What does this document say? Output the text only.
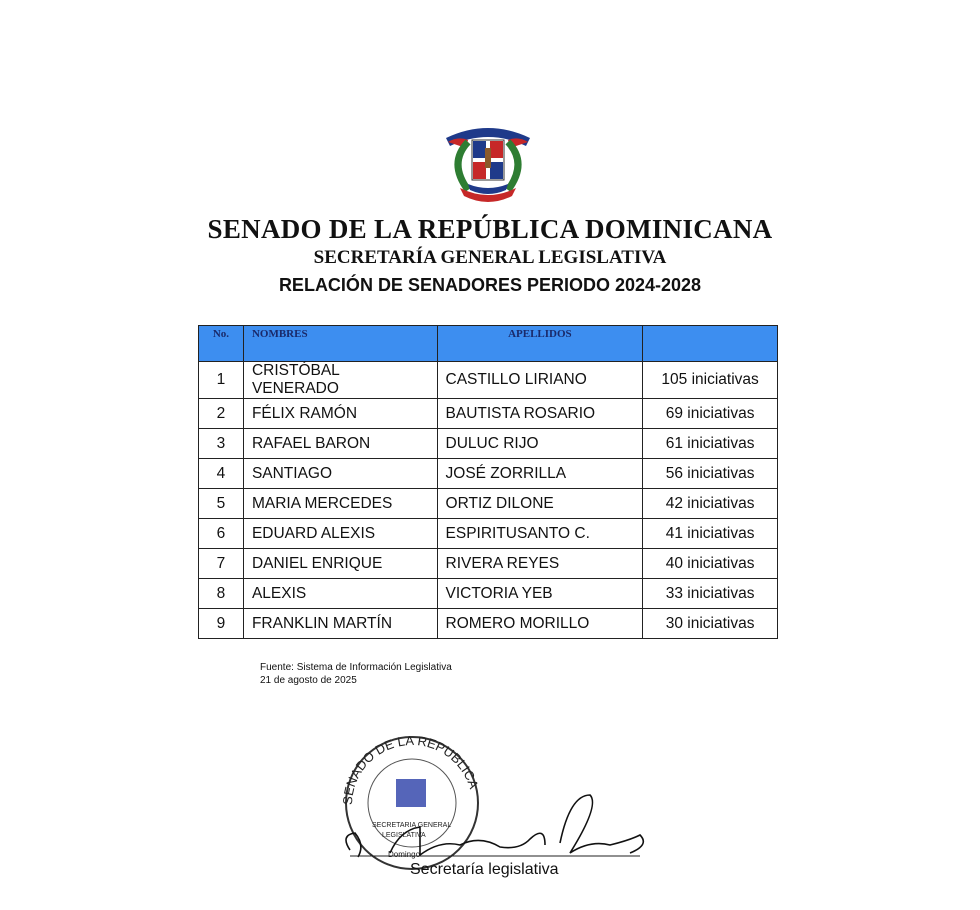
SENADO DE LA REPÚBLICA DOMINICANA
SECRETARÍA GENERAL LEGISLATIVA
RELACIÓN DE SENADORES PERIODO 2024-2028
No.	NOMBRES	APELLIDOS	
1	CRISTÓBAL VENERADO	CASTILLO LIRIANO	105 iniciativas
2	FÉLIX RAMÓN	BAUTISTA ROSARIO	69 iniciativas
3	RAFAEL BARON	DULUC RIJO	61 iniciativas
4	SANTIAGO	JOSÉ ZORRILLA	56 iniciativas
5	MARIA MERCEDES	ORTIZ DILONE	42 iniciativas
6	EDUARD ALEXIS	ESPIRITUSANTO C.	41 iniciativas
7	DANIEL ENRIQUE	RIVERA REYES	40 iniciativas
8	ALEXIS	VICTORIA YEB	33 iniciativas
9	FRANKLIN MARTÍN	ROMERO MORILLO	30 iniciativas
Fuente: Sistema de Información Legislativa
21 de agosto de 2025
SENADO DE LA REPUBLICA
SECRETARIA GENERAL
LEGISLATIVA
Domingo
Secretaría legislativa
